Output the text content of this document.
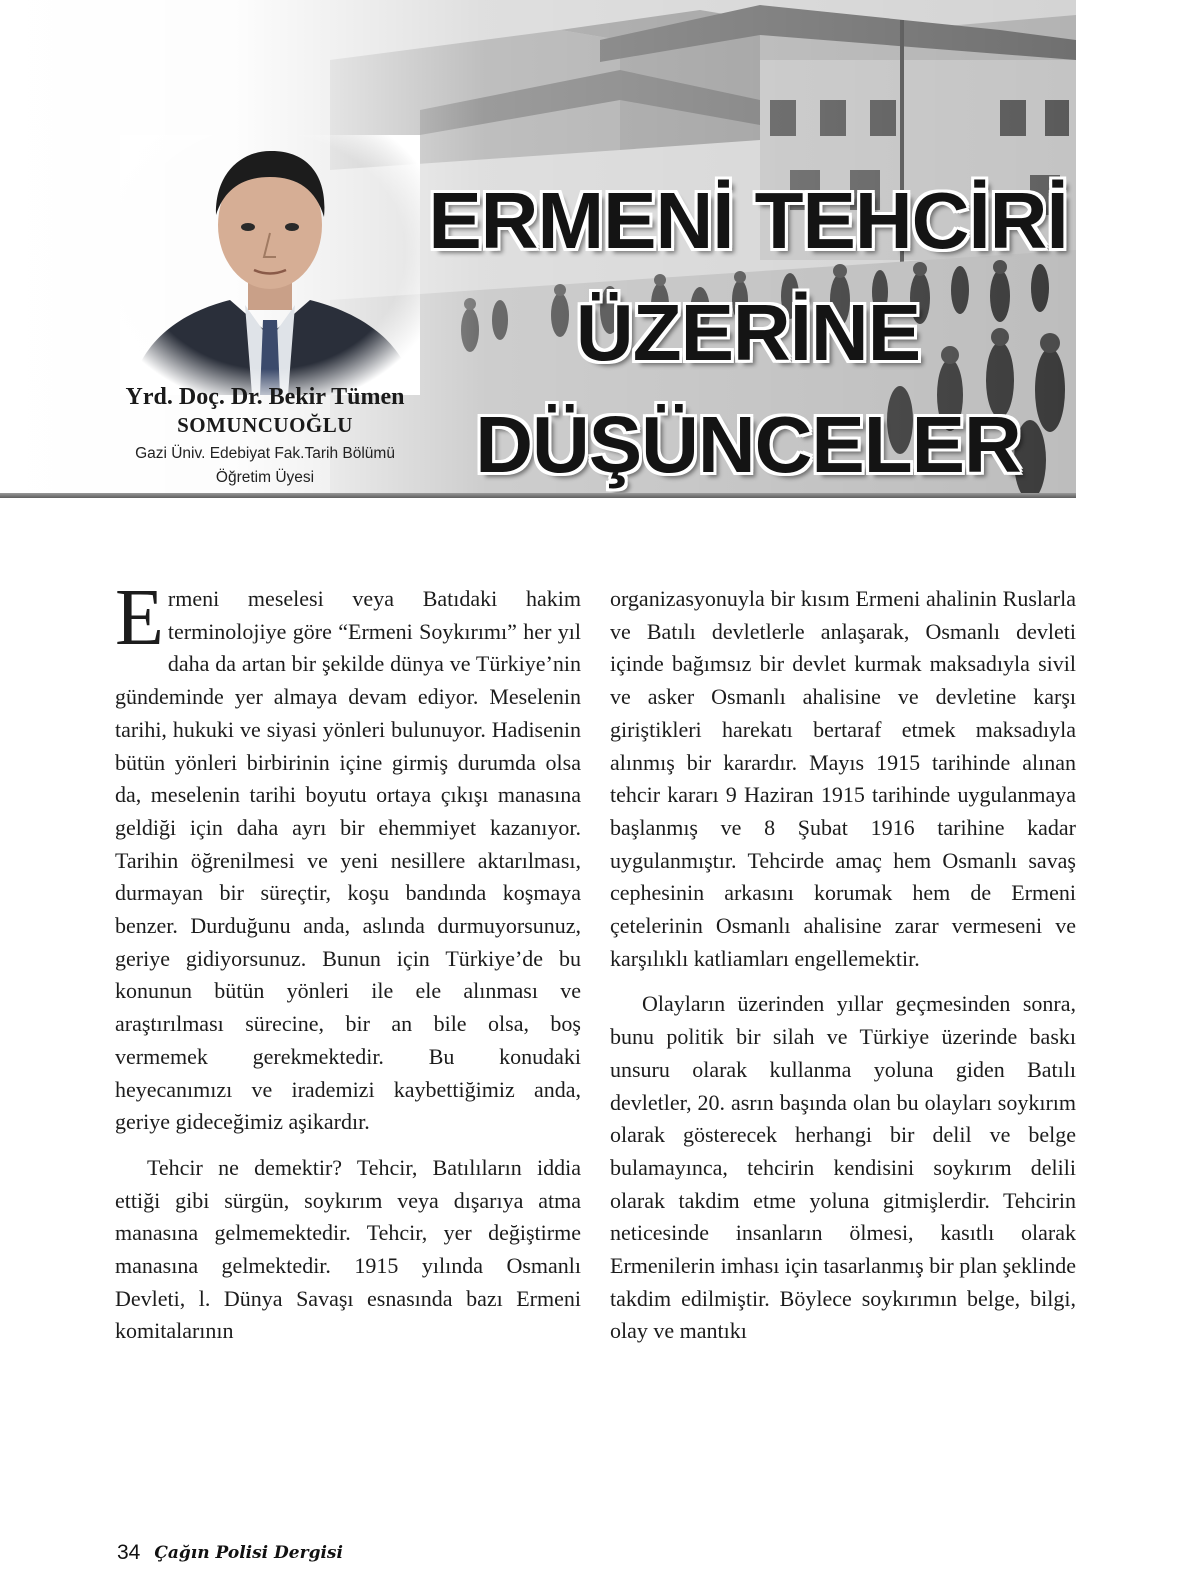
Yrd. Doç. Dr. Bekir Tümen
SOMUNCUOĞLU
Gazi Üniv. Edebiyat Fak.Tarih Bölümü
Öğretim Üyesi
ERMENİ TEHCİRİ
ÜZERİNE
DÜŞÜNCELER

Ermeni meselesi veya Batıdaki hakim terminolojiye göre “Ermeni Soykırımı” her yıl daha da artan bir şekilde dünya ve Türkiye’nin gündeminde yer almaya devam ediyor. Meselenin tarihi, hukuki ve siyasi yönleri bulunuyor. Hadisenin bütün yönleri birbirinin içine girmiş durumda olsa da, meselenin tarihi boyutu ortaya çıkışı manasına geldiği için daha ayrı bir ehemmiyet kazanıyor. Tarihin öğrenilmesi ve yeni nesillere aktarılması, durmayan bir süreçtir, koşu bandında koşmaya benzer. Durduğunu anda, aslında durmuyorsunuz, geriye gidiyorsunuz. Bunun için Türkiye’de bu konunun bütün yönleri ile ele alınması ve araştırılması sürecine, bir an bile olsa, boş vermemek gerekmektedir. Bu konudaki heyecanımızı ve irademizi kaybettiğimiz anda, geriye gideceğimiz aşikardır.

Tehcir ne demektir? Tehcir, Batılıların iddia ettiği gibi sürgün, soykırım veya dışarıya atma manasına gelmemektedir. Tehcir, yer değiştirme manasına gelmektedir. 1915 yılında Osmanlı Devleti, l. Dünya Savaşı esnasında bazı Ermeni komitalarının

organizasyonuyla bir kısım Ermeni ahalinin Ruslarla ve Batılı devletlerle anlaşarak, Osmanlı devleti içinde bağımsız bir devlet kurmak maksadıyla sivil ve asker Osmanlı ahalisine ve devletine karşı giriştikleri harekatı bertaraf etmek maksadıyla alınmış bir karardır. Mayıs 1915 tarihinde alınan tehcir kararı 9 Haziran 1915 tarihinde uygulanmaya başlanmış ve 8 Şubat 1916 tarihine kadar uygulanmıştır. Tehcirde amaç hem Osmanlı savaş cephesinin arkasını korumak hem de Ermeni çetelerinin Osmanlı ahalisine zarar vermeseni ve karşılıklı katliamları engellemektir.

Olayların üzerinden yıllar geçmesinden sonra, bunu politik bir silah ve Türkiye üzerinde baskı unsuru olarak kullanma yoluna giden Batılı devletler, 20. asrın başında olan bu olayları soykırım olarak gösterecek herhangi bir delil ve belge bulamayınca, tehcirin kendisini soykırım delili olarak takdim etme yoluna gitmişlerdir. Tehcirin neticesinde insanların ölmesi, kasıtlı olarak Ermenilerin imhası için tasarlanmış bir plan şeklinde takdim edilmiştir. Böylece soykırımın belge, bilgi, olay ve mantıkı

34 Çağın Polisi Dergisi
